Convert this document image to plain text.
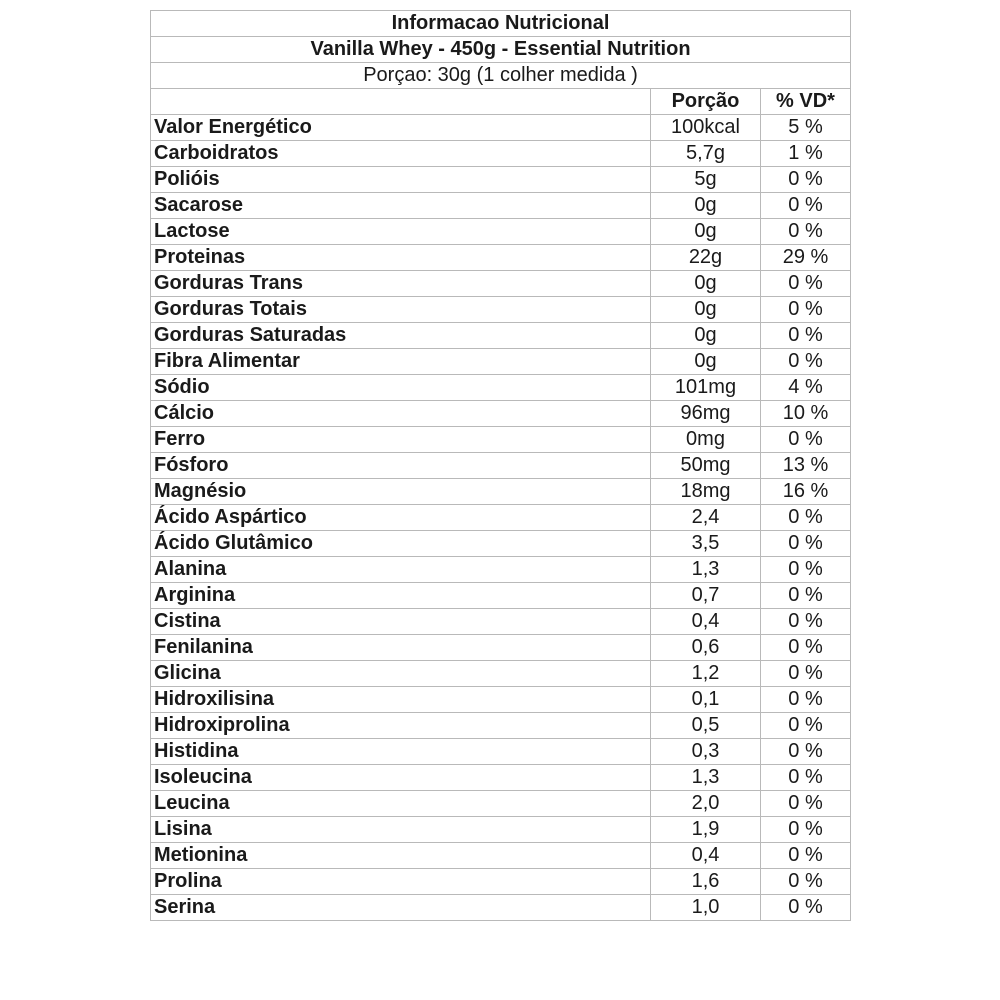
Informacao Nutricional		
Vanilla Whey - 450g - Essential Nutrition		
Porçao: 30g (1 colher medida )		
	Porção	% VD*
Valor Energético	100kcal	5 %
Carboidratos	5,7g	1 %
Polióis	5g	0 %
Sacarose	0g	0 %
Lactose	0g	0 %
Proteinas	22g	29 %
Gorduras Trans	0g	0 %
Gorduras Totais	0g	0 %
Gorduras Saturadas	0g	0 %
Fibra Alimentar	0g	0 %
Sódio	101mg	4 %
Cálcio	96mg	10 %
Ferro	0mg	0 %
Fósforo	50mg	13 %
Magnésio	18mg	16 %
Ácido Aspártico	2,4	0 %
Ácido Glutâmico	3,5	0 %
Alanina	1,3	0 %
Arginina	0,7	0 %
Cistina	0,4	0 %
Fenilanina	0,6	0 %
Glicina	1,2	0 %
Hidroxilisina	0,1	0 %
Hidroxiprolina	0,5	0 %
Histidina	0,3	0 %
Isoleucina	1,3	0 %
Leucina	2,0	0 %
Lisina	1,9	0 %
Metionina	0,4	0 %
Prolina	1,6	0 %
Serina	1,0	0 %
